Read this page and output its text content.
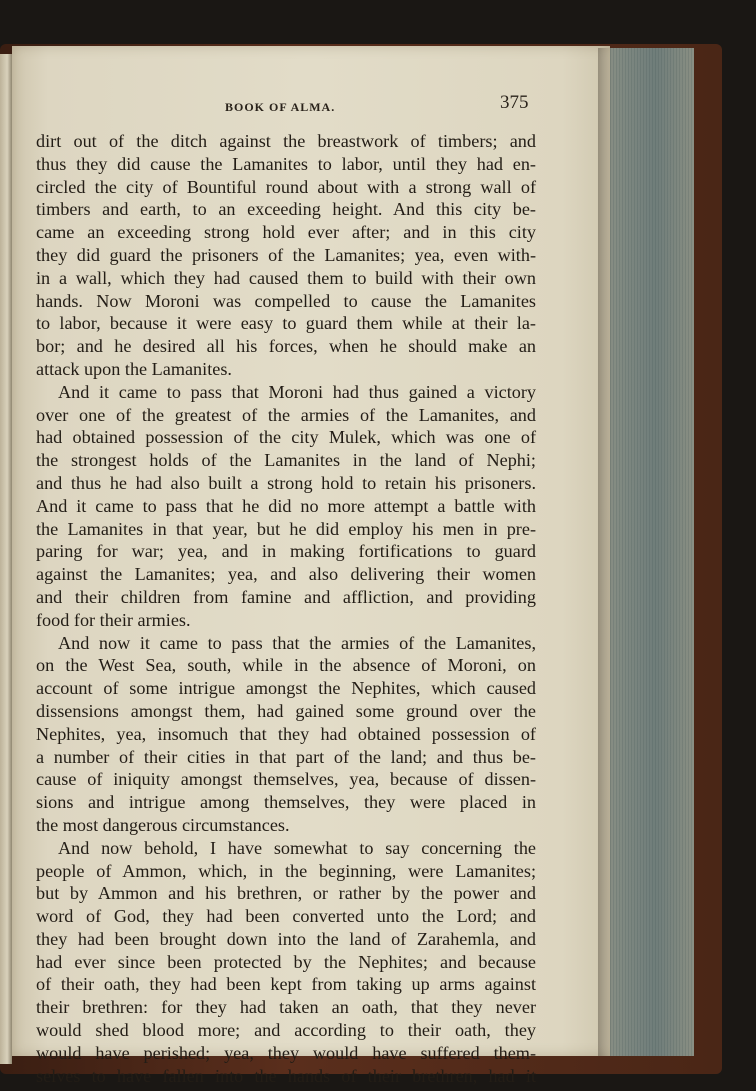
BOOK OF ALMA.	375
dirt out of the ditch against the breastwork of timbers; and
thus they did cause the Lamanites to labor, until they had en-
circled the city of Bountiful round about with a strong wall of
timbers and earth, to an exceeding height. And this city be-
came an exceeding strong hold ever after; and in this city
they did guard the prisoners of the Lamanites; yea, even with-
in a wall, which they had caused them to build with their own
hands. Now Moroni was compelled to cause the Lamanites
to labor, because it were easy to guard them while at their la-
bor; and he desired all his forces, when he should make an
attack upon the Lamanites.
And it came to pass that Moroni had thus gained a victory
over one of the greatest of the armies of the Lamanites, and
had obtained possession of the city Mulek, which was one of
the strongest holds of the Lamanites in the land of Nephi;
and thus he had also built a strong hold to retain his prisoners.
And it came to pass that he did no more attempt a battle with
the Lamanites in that year, but he did employ his men in pre-
paring for war; yea, and in making fortifications to guard
against the Lamanites; yea, and also delivering their women
and their children from famine and affliction, and providing
food for their armies.
And now it came to pass that the armies of the Lamanites,
on the West Sea, south, while in the absence of Moroni, on
account of some intrigue amongst the Nephites, which caused
dissensions amongst them, had gained some ground over the
Nephites, yea, insomuch that they had obtained possession of
a number of their cities in that part of the land; and thus be-
cause of iniquity amongst themselves, yea, because of dissen-
sions and intrigue among themselves, they were placed in
the most dangerous circumstances.
And now behold, I have somewhat to say concerning the
people of Ammon, which, in the beginning, were Lamanites;
but by Ammon and his brethren, or rather by the power and
word of God, they had been converted unto the Lord; and
they had been brought down into the land of Zarahemla, and
had ever since been protected by the Nephites; and because
of their oath, they had been kept from taking up arms against
their brethren: for they had taken an oath, that they never
would shed blood more; and according to their oath, they
would have perished; yea, they would have suffered them-
selves to have fallen into the hands of their brethren, had it
